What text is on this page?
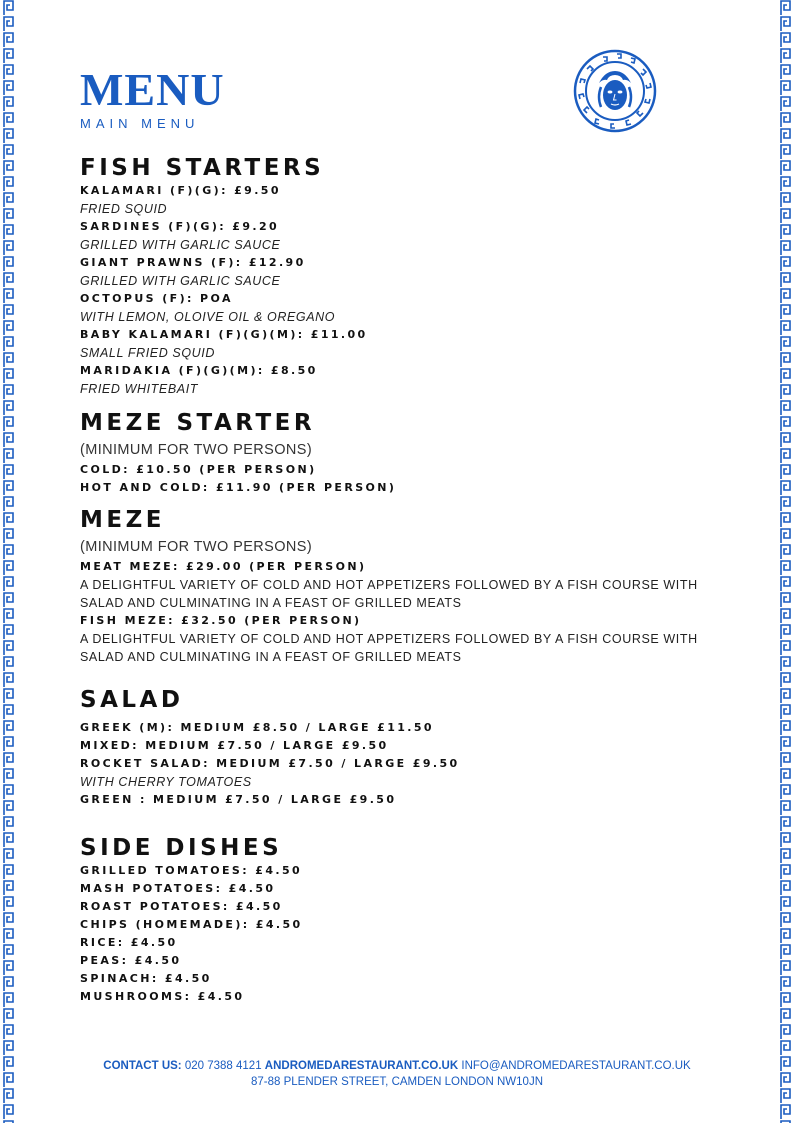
MENU
MAIN MENU
FISH STARTERS
KALAMARI (F)(G): £9.50
FRIED SQUID
SARDINES (F)(G): £9.20
GRILLED WITH GARLIC SAUCE
GIANT PRAWNS (F): £12.90
GRILLED WITH GARLIC SAUCE
OCTOPUS (F): POA
WITH LEMON, OLOIVE OIL & OREGANO
BABY KALAMARI (F)(G)(M): £11.00
SMALL FRIED SQUID
MARIDAKIA (F)(G)(M): £8.50
FRIED WHITEBAIT
MEZE STARTER
(MINIMUM FOR TWO PERSONS)
COLD: £10.50 (PER PERSON)
HOT AND COLD: £11.90 (PER PERSON)
MEZE
(MINIMUM FOR TWO PERSONS)
MEAT MEZE: £29.00 (PER PERSON)
A DELIGHTFUL VARIETY OF COLD AND HOT APPETIZERS FOLLOWED BY A FISH COURSE WITH SALAD AND CULMINATING IN A FEAST OF GRILLED MEATS
FISH MEZE: £32.50 (PER PERSON)
A DELIGHTFUL VARIETY OF COLD AND HOT APPETIZERS FOLLOWED BY A FISH COURSE WITH SALAD AND CULMINATING IN A FEAST OF GRILLED MEATS
SALAD
GREEK (M): MEDIUM £8.50 / LARGE £11.50
MIXED: MEDIUM £7.50 / LARGE £9.50
ROCKET SALAD: MEDIUM £7.50 / LARGE £9.50
WITH CHERRY TOMATOES
GREEN : MEDIUM £7.50 / LARGE £9.50
SIDE DISHES
GRILLED TOMATOES: £4.50
MASH POTATOES: £4.50
ROAST POTATOES: £4.50
CHIPS (HOMEMADE): £4.50
RICE: £4.50
PEAS: £4.50
SPINACH: £4.50
MUSHROOMS: £4.50
CONTACT US: 020 7388 4121 ANDROMEDARESTAURANT.CO.UK INFO@ANDROMEDARESTAURANT.CO.UK
87-88 PLENDER STREET, CAMDEN LONDON NW10JN
